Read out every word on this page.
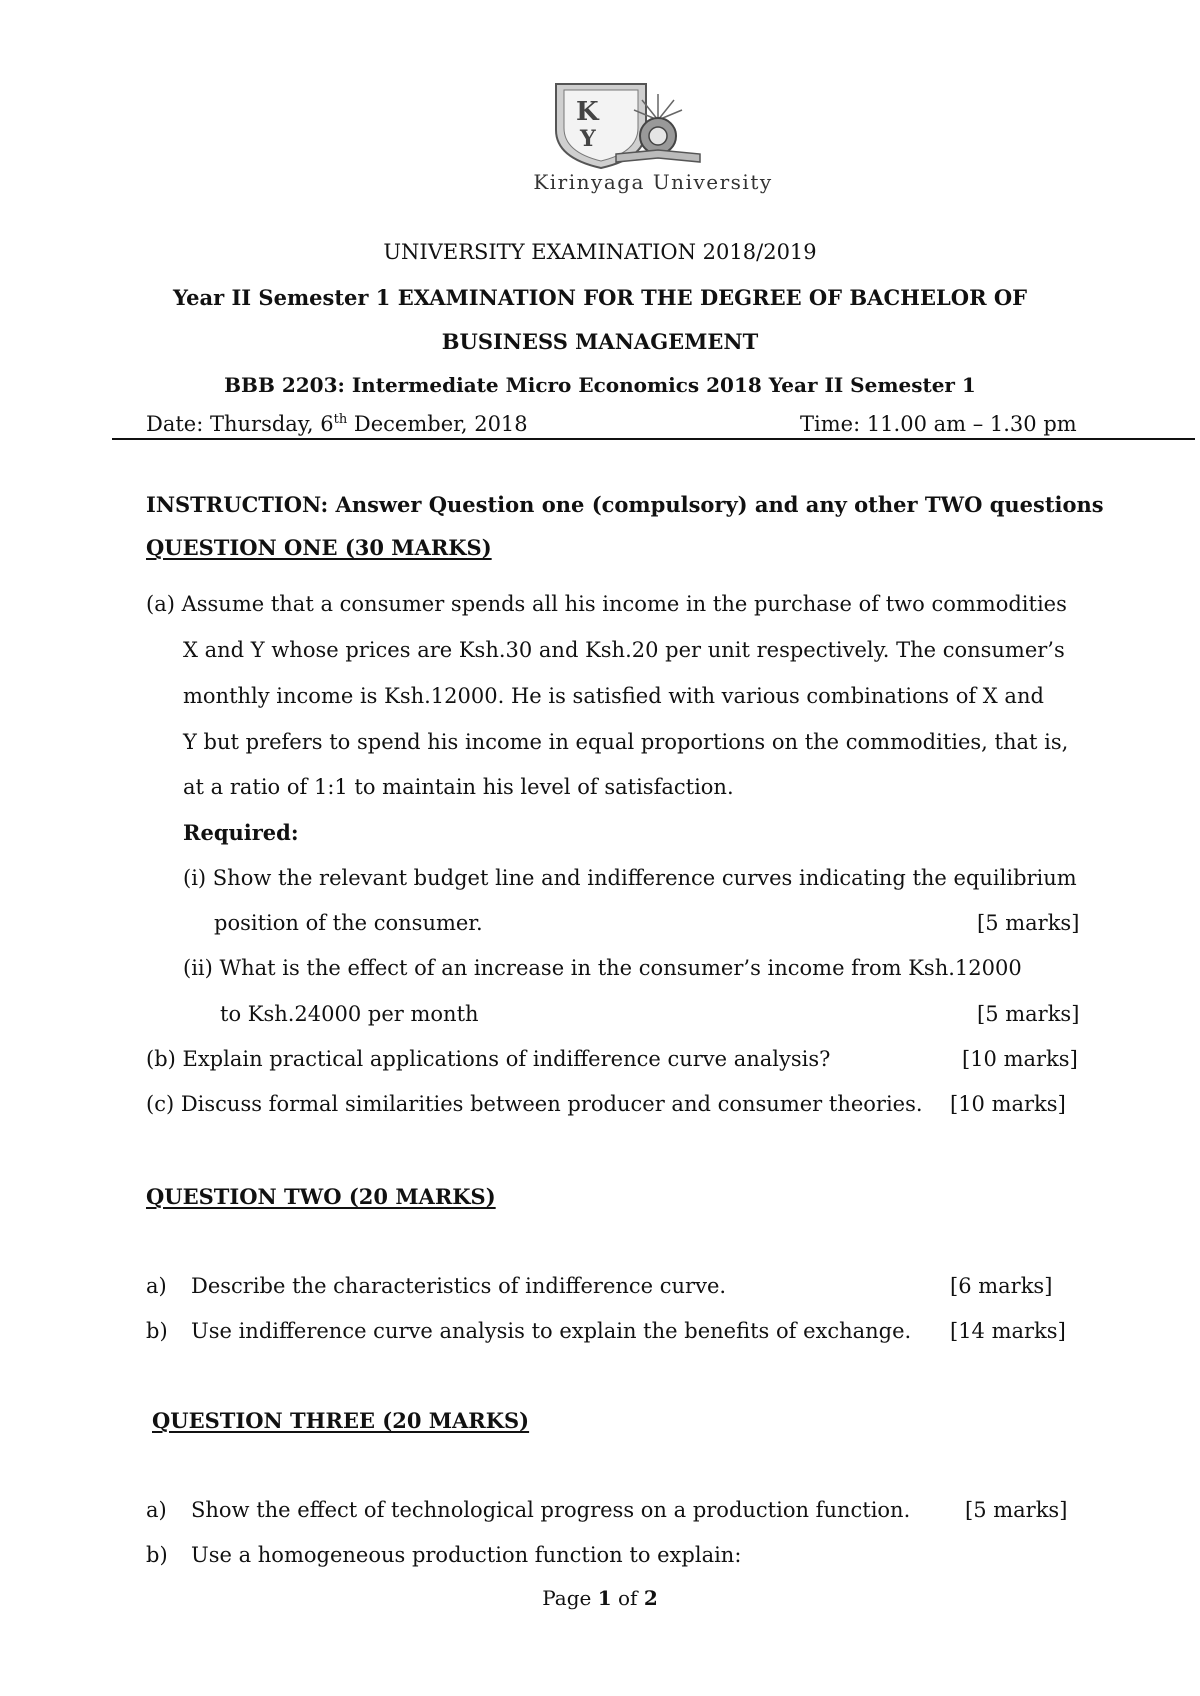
K
Y
Kirinyaga University
UNIVERSITY EXAMINATION 2018/2019
Year II Semester 1 EXAMINATION FOR THE DEGREE OF BACHELOR OF
BUSINESS MANAGEMENT
BBB 2203: Intermediate Micro Economics 2018 Year II Semester 1
Date: Thursday, 6th December, 2018	Time: 11.00 am – 1.30 pm
INSTRUCTION: Answer Question one (compulsory) and any other TWO questions
QUESTION ONE (30 MARKS)
(a) Assume that a consumer spends all his income in the purchase of two commodities
X and Y whose prices are Ksh.30 and Ksh.20 per unit respectively. The consumer’s
monthly income is Ksh.12000. He is satisfied with various combinations of X and
Y but prefers to spend his income in equal proportions on the commodities, that is,
at a ratio of 1:1 to maintain his level of satisfaction.
Required:
(i) Show the relevant budget line and indifference curves indicating the equilibrium
position of the consumer.	[5 marks]
(ii) What is the effect of an increase in the consumer’s income from Ksh.12000
to Ksh.24000 per month	[5 marks]
(b) Explain practical applications of indifference curve analysis?	[10 marks]
(c) Discuss formal similarities between producer and consumer theories. [10 marks]
QUESTION TWO (20 MARKS)
a) Describe the characteristics of indifference curve.	[6 marks]
b) Use indifference curve analysis to explain the benefits of exchange. [14 marks]
QUESTION THREE (20 MARKS)
a) Show the effect of technological progress on a production function.	[5 marks]
b) Use a homogeneous production function to explain:
Page 1 of 2
